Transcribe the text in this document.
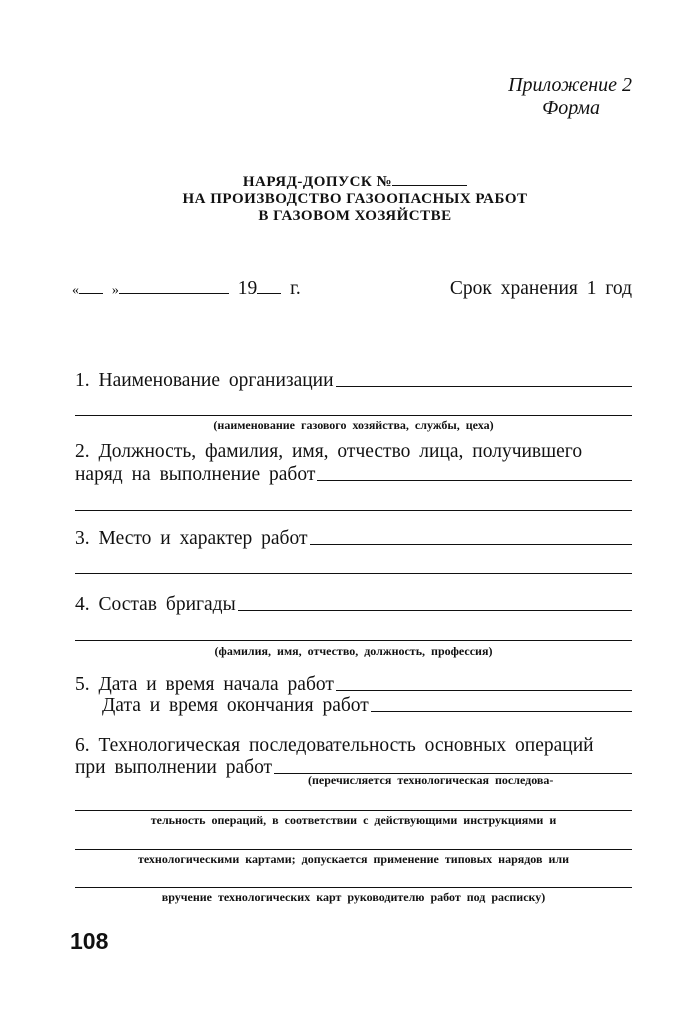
Приложение 2
Форма
НАРЯД-ДОПУСК №
НА ПРОИЗВОДСТВО ГАЗООПАСНЫХ РАБОТ
В ГАЗОВОМ ХОЗЯЙСТВЕ
« »	19 г.	Срок хранения 1 год
1. Наименование организации
(наименование газового хозяйства, службы, цеха)
2. Должность, фамилия, имя, отчество лица, получившего
наряд на выполнение работ
3. Место и характер работ
4. Состав бригады
(фамилия, имя, отчество, должность, профессия)
5. Дата и время начала работ
Дата и время окончания работ
6. Технологическая последовательность основных операций
при выполнении работ
(перечисляется технологическая последова-
тельность операций, в соответствии с действующими инструкциями и
технологическими картами; допускается применение типовых нарядов или
вручение технологических карт руководителю работ под расписку)
108
